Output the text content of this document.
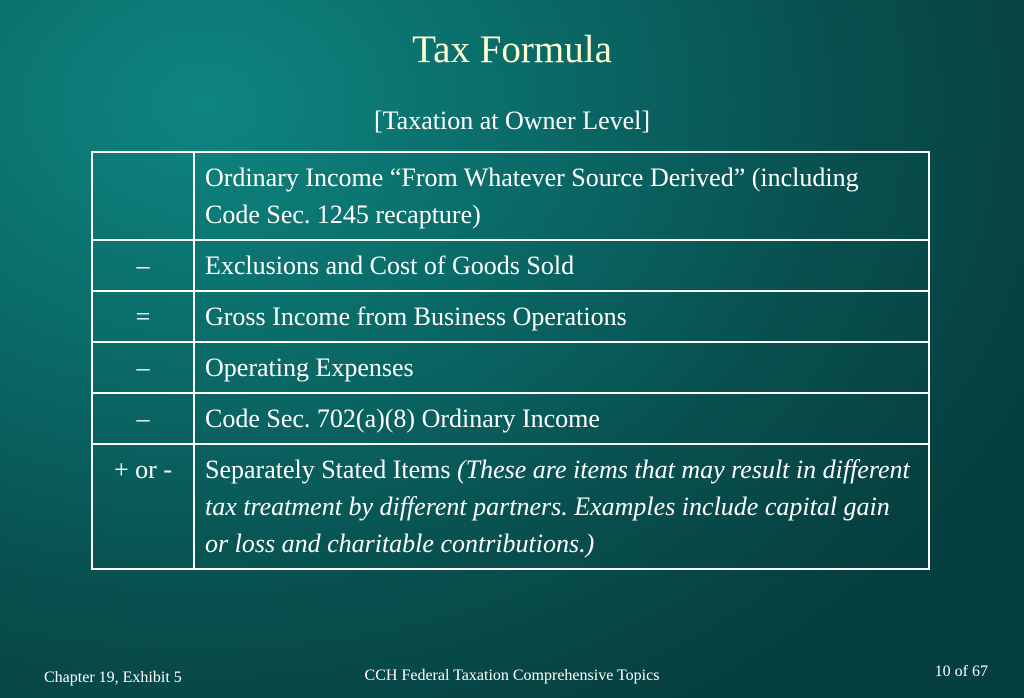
Tax Formula
[Taxation at Owner Level]
	Ordinary Income “From Whatever Source Derived” (including Code Sec. 1245 recapture)
–	Exclusions and Cost of Goods Sold
=	Gross Income from Business Operations
–	Operating Expenses
–	Code Sec. 702(a)(8) Ordinary Income
+ or -	Separately Stated Items (These are items that may result in different tax treatment by different partners. Examples include capital gain or loss and charitable contributions.)
Chapter 19, Exhibit 5	CCH Federal Taxation Comprehensive Topics	10 of 67
